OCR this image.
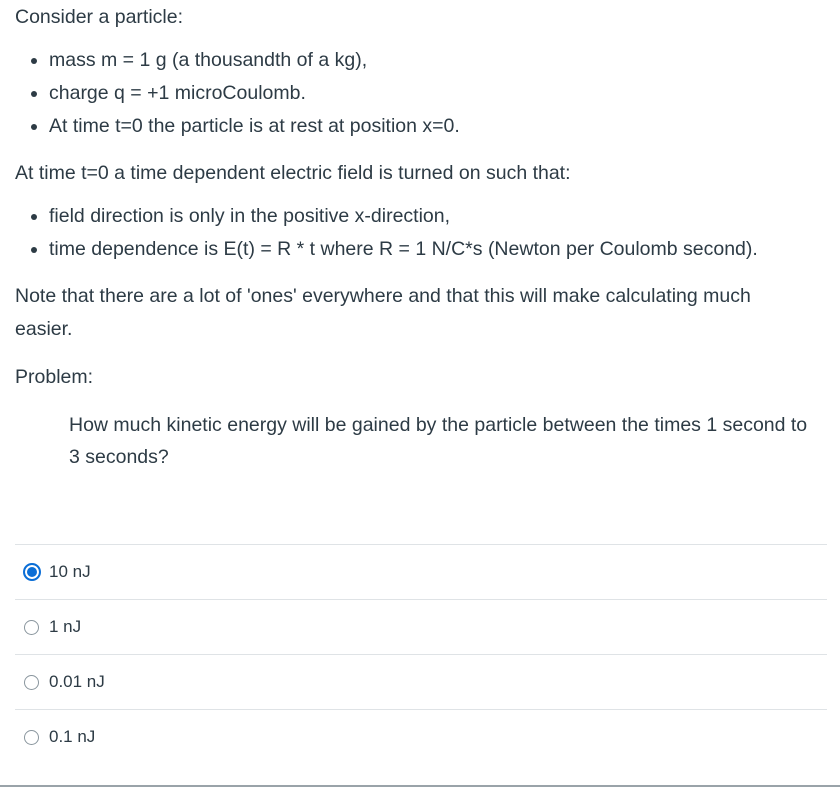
Consider a particle:

• mass m = 1 g (a thousandth of a kg),
• charge q = +1 microCoulomb.
• At time t=0 the particle is at rest at position x=0.

At time t=0 a time dependent electric field is turned on such that:

• field direction is only in the positive x-direction,
• time dependence is E(t) = R * t where R = 1 N/C*s (Newton per Coulomb second).

Note that there are a lot of 'ones' everywhere and that this will make calculating much easier.

Problem:

How much kinetic energy will be gained by the particle between the times 1 second to 3 seconds?

10 nJ
1 nJ
0.01 nJ
0.1 nJ
